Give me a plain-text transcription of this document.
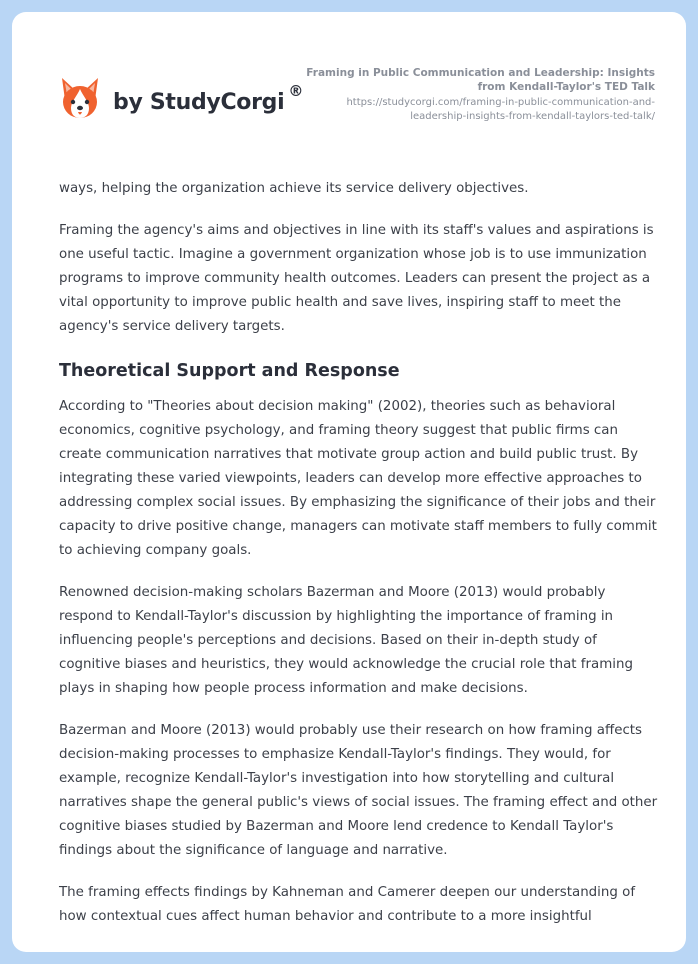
by StudyCorgi ®
Framing in Public Communication and Leadership: Insights from Kendall-Taylor's TED Talk
https://studycorgi.com/framing-in-public-communication-and-leadership-insights-from-kendall-taylors-ted-talk/

ways, helping the organization achieve its service delivery objectives.

Framing the agency's aims and objectives in line with its staff's values and aspirations is one useful tactic. Imagine a government organization whose job is to use immunization programs to improve community health outcomes. Leaders can present the project as a vital opportunity to improve public health and save lives, inspiring staff to meet the agency's service delivery targets.

Theoretical Support and Response

According to "Theories about decision making" (2002), theories such as behavioral economics, cognitive psychology, and framing theory suggest that public firms can create communication narratives that motivate group action and build public trust. By integrating these varied viewpoints, leaders can develop more effective approaches to addressing complex social issues. By emphasizing the significance of their jobs and their capacity to drive positive change, managers can motivate staff members to fully commit to achieving company goals.

Renowned decision-making scholars Bazerman and Moore (2013) would probably respond to Kendall-Taylor's discussion by highlighting the importance of framing in influencing people's perceptions and decisions. Based on their in-depth study of cognitive biases and heuristics, they would acknowledge the crucial role that framing plays in shaping how people process information and make decisions.

Bazerman and Moore (2013) would probably use their research on how framing affects decision-making processes to emphasize Kendall-Taylor's findings. They would, for example, recognize Kendall-Taylor's investigation into how storytelling and cultural narratives shape the general public's views of social issues. The framing effect and other cognitive biases studied by Bazerman and Moore lend credence to Kendall Taylor's findings about the significance of language and narrative.

The framing effects findings by Kahneman and Camerer deepen our understanding of how contextual cues affect human behavior and contribute to a more insightful
